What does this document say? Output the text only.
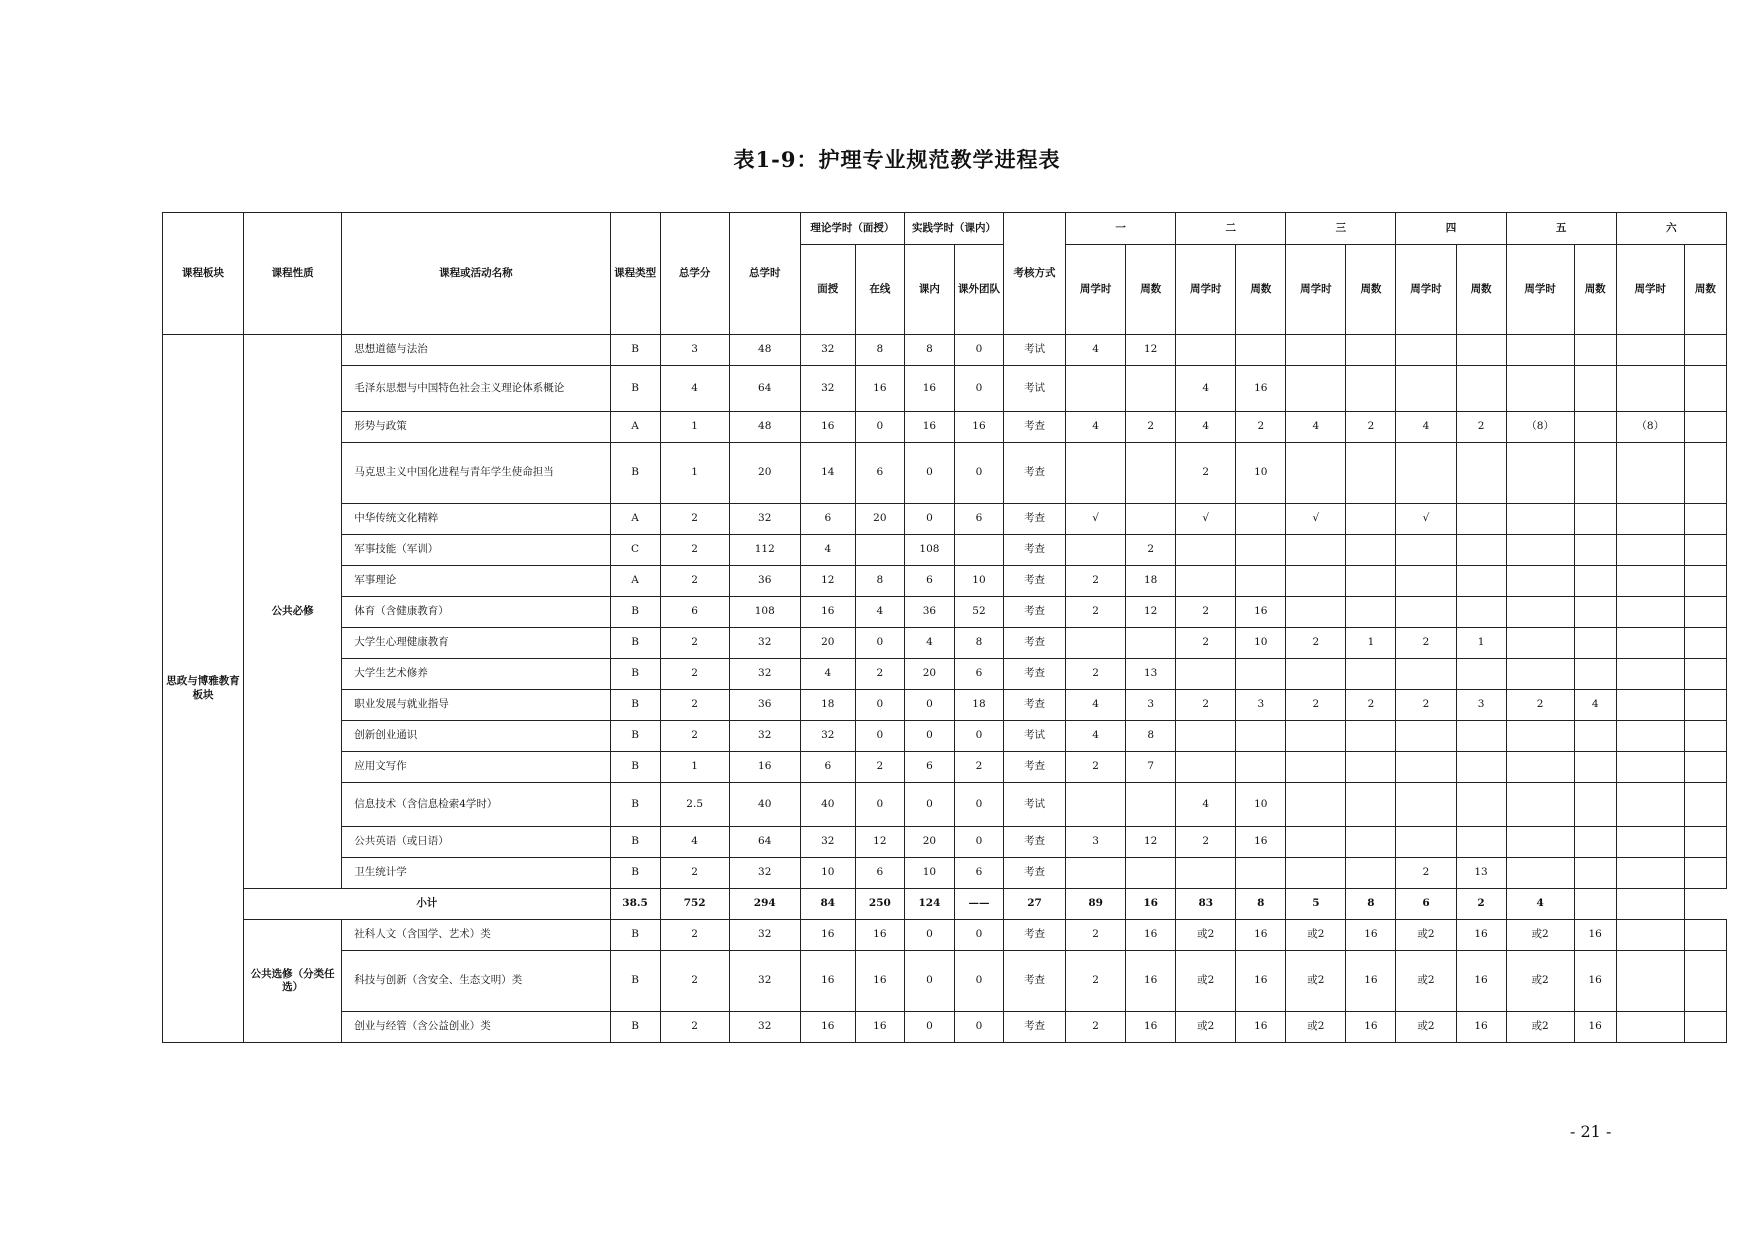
表1-9：护理专业规范教学进程表
课程板块	课程性质	课程或活动名称	课程类型	总学分	总学时	理论学时（面授）		实践学时（课内）		考核方式	一		二		三		四		五		六	
						面授	在线	课内	课外团队		周学时	周数	周学时	周数	周学时	周数	周学时	周数	周学时	周数	周学时	周数
思政与博雅教育板块	公共必修	思想道德与法治	B	3	48	32	8	8	0	考试	4	12										
		毛泽东思想与中国特色社会主义理论体系概论	B	4	64	32	16	16	0	考试			4	16								
		形势与政策	A	1	48	16	0	16	16	考查	4	2	4	2	4	2	4	2	（8）		（8）	
		马克思主义中国化进程与青年学生使命担当	B	1	20	14	6	0	0	考查			2	10								
		中华传统文化精粹	A	2	32	6	20	0	6	考查	√		√		√		√					
		军事技能（军训）	C	2	112	4		108		考查		2										
		军事理论	A	2	36	12	8	6	10	考查	2	18										
		体育（含健康教育）	B	6	108	16	4	36	52	考查	2	12	2	16								
		大学生心理健康教育	B	2	32	20	0	4	8	考查			2	10	2	1	2	1				
		大学生艺术修养	B	2	32	4	2	20	6	考查	2	13										
		职业发展与就业指导	B	2	36	18	0	0	18	考查	4	3	2	3	2	2	2	3	2	4		
		创新创业通识	B	2	32	32	0	0	0	考试	4	8										
		应用文写作	B	1	16	6	2	6	2	考查	2	7										
		信息技术（含信息检索4学时）	B	2.5	40	40	0	0	0	考试			4	10								
		公共英语（或日语）	B	4	64	32	12	20	0	考查	3	12	2	16								
		卫生统计学	B	2	32	10	6	10	6	考查							2	13				
	小计		38.5	752	294	84	250	124	——	27	89	16	83	8	5	8	6	2	4			
	公共选修（分类任选）	社科人文（含国学、艺术）类	B	2	32	16	16	0	0	考查	2	16	或2	16	或2	16	或2	16	或2	16		
		科技与创新（含安全、生态文明）类	B	2	32	16	16	0	0	考查	2	16	或2	16	或2	16	或2	16	或2	16		
		创业与经管（含公益创业）类	B	2	32	16	16	0	0	考查	2	16	或2	16	或2	16	或2	16	或2	16		
- 21 -
